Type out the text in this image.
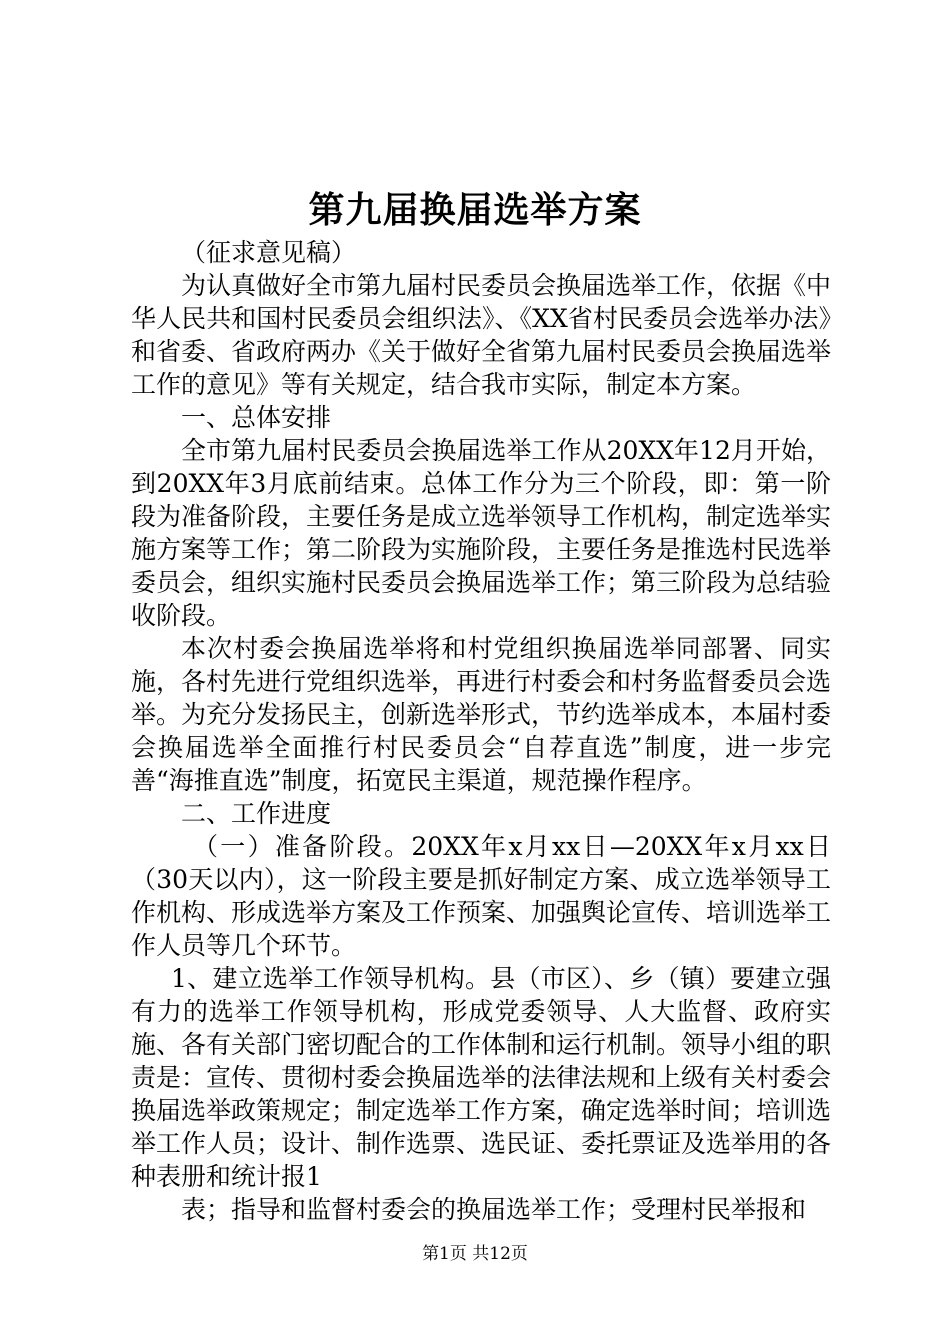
第九届换届选举方案

（征求意见稿）

为认真做好全市第九届村民委员会换届选举工作，依据《中华人民共和国村民委员会组织法》、《XX省村民委员会选举办法》和省委、省政府两办《关于做好全省第九届村民委员会换届选举工作的意见》等有关规定，结合我市实际，制定本方案。

一、总体安排

全市第九届村民委员会换届选举工作从20XX年12月开始，到20XX年3月底前结束。总体工作分为三个阶段，即：第一阶段为准备阶段，主要任务是成立选举领导工作机构，制定选举实施方案等工作；第二阶段为实施阶段，主要任务是推选村民选举委员会，组织实施村民委员会换届选举工作；第三阶段为总结验收阶段。

本次村委会换届选举将和村党组织换届选举同部署、同实施，各村先进行党组织选举，再进行村委会和村务监督委员会选举。为充分发扬民主，创新选举形式，节约选举成本，本届村委会换届选举全面推行村民委员会“自荐直选”制度，进一步完善“海推直选”制度，拓宽民主渠道，规范操作程序。

二、工作进度

（一）准备阶段。20XX年x月xx日—20XX年x月xx日（30天以内），这一阶段主要是抓好制定方案、成立选举领导工作机构、形成选举方案及工作预案、加强舆论宣传、培训选举工作人员等几个环节。

1、建立选举工作领导机构。县（市区）、乡（镇）要建立强有力的选举工作领导机构，形成党委领导、人大监督、政府实施、各有关部门密切配合的工作体制和运行机制。领导小组的职责是：宣传、贯彻村委会换届选举的法律法规和上级有关村委会换届选举政策规定；制定选举工作方案，确定选举时间；培训选举工作人员；设计、制作选票、选民证、委托票证及选举用的各种表册和统计报1

表；指导和监督村委会的换届选举工作；受理村民举报和

第1页 共12页
